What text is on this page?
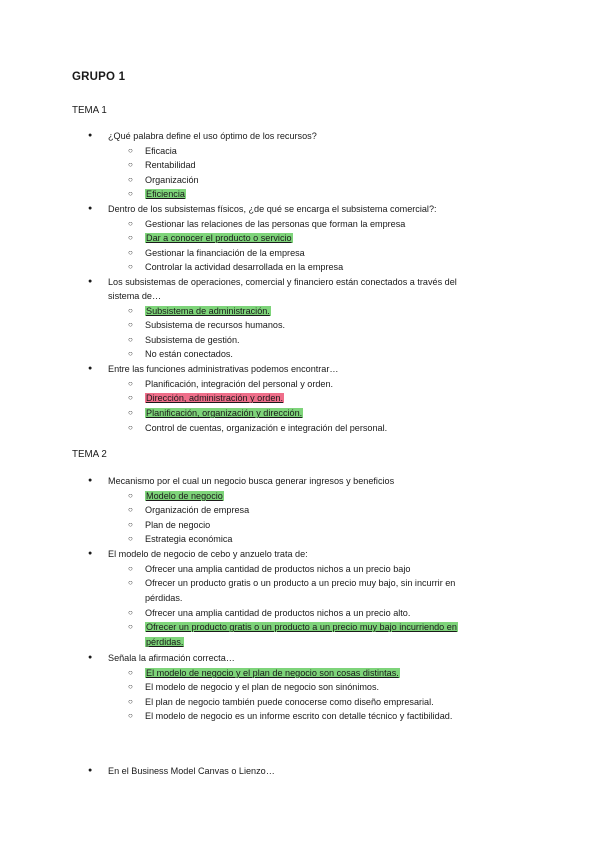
GRUPO 1
TEMA 1
● ¿Qué palabra define el uso óptimo de los recursos?
○ Eficacia
○ Rentabilidad
○ Organización
○ Eficiencia
● Dentro de los subsistemas físicos, ¿de qué se encarga el subsistema comercial?:
○ Gestionar las relaciones de las personas que forman la empresa
○ Dar a conocer el producto o servicio
○ Gestionar la financiación de la empresa
○ Controlar la actividad desarrollada en la empresa
● Los subsistemas de operaciones, comercial y financiero están conectados a través del
sistema de…
○ Subsistema de administración.
○ Subsistema de recursos humanos.
○ Subsistema de gestión.
○ No están conectados.
● Entre las funciones administrativas podemos encontrar…
○ Planificación, integración del personal y orden.
○ Dirección, administración y orden.
○ Planificación, organización y dirección.
○ Control de cuentas, organización e integración del personal.
TEMA 2
● Mecanismo por el cual un negocio busca generar ingresos y beneficios
○ Modelo de negocio
○ Organización de empresa
○ Plan de negocio
○ Estrategia económica
● El modelo de negocio de cebo y anzuelo trata de:
○ Ofrecer una amplia cantidad de productos nichos a un precio bajo
○ Ofrecer un producto gratis o un producto a un precio muy bajo, sin incurrir en
pérdidas.
○ Ofrecer una amplia cantidad de productos nichos a un precio alto.
○ Ofrecer un producto gratis o un producto a un precio muy bajo incurriendo en
pérdidas.
● Señala la afirmación correcta…
○ El modelo de negocio y el plan de negocio son cosas distintas.
○ El modelo de negocio y el plan de negocio son sinónimos.
○ El plan de negocio también puede conocerse como diseño empresarial.
○ El modelo de negocio es un informe escrito con detalle técnico y factibilidad.
● En el Business Model Canvas o Lienzo…
